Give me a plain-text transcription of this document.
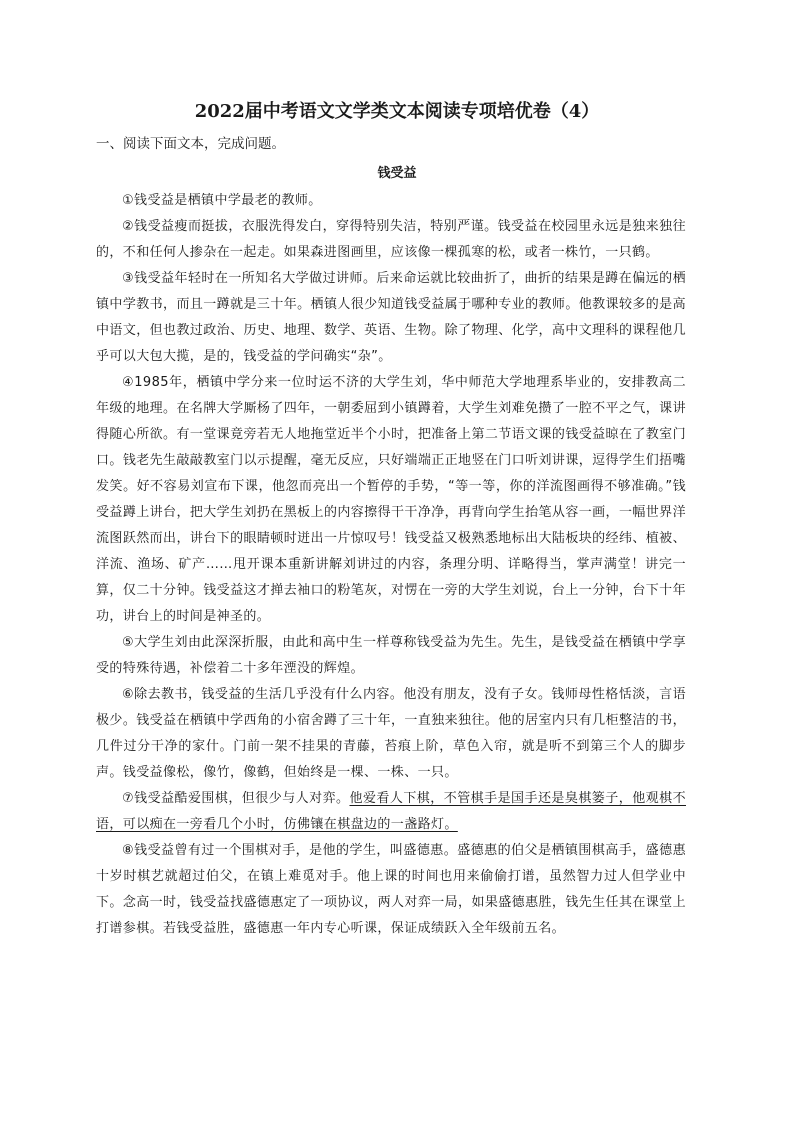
2022届中考语文文学类文本阅读专项培优卷（4）
一、阅读下面文本，完成问题。
钱受益

①钱受益是栖镇中学最老的教师。

②钱受益瘦而挺拔，衣服洗得发白，穿得特别失洁，特别严谨。钱受益在校园里永远是独来独往的，不和任何人掺杂在一起走。如果森进图画里，应该像一棵孤寒的松，或者一株竹，一只鹤。

③钱受益年轻时在一所知名大学做过讲师。后来命运就比较曲折了，曲折的结果是蹲在偏远的栖镇中学教书，而且一蹲就是三十年。栖镇人很少知道钱受益属于哪种专业的教师。他教课较多的是高中语文，但也教过政治、历史、地理、数学、英语、生物。除了物理、化学，高中文理科的课程他几乎可以大包大揽，是的，钱受益的学问确实“杂”。

④1985年，栖镇中学分来一位时运不济的大学生刘，华中师范大学地理系毕业的，安排教高二年级的地理。在名牌大学厮杨了四年，一朝委屈到小镇蹲着，大学生刘难免攒了一腔不平之气，课讲得随心所欲。有一堂课竟旁若无人地拖堂近半个小时，把准备上第二节语文课的钱受益晾在了教室门口。钱老先生敲敲教室门以示提醒，毫无反应，只好端端正正地竖在门口听刘讲课，逗得学生们捂嘴发笑。好不容易刘宣布下课，他忽而亮出一个暂停的手势，“等一等，你的洋流图画得不够准确。”钱受益蹲上讲台，把大学生刘扔在黑板上的内容擦得干干净净，再背向学生抬笔从容一画，一幅世界洋流图跃然而出，讲台下的眼睛顿时迸出一片惊叹号！钱受益又极熟悉地标出大陆板块的经纬、植被、洋流、渔场、矿产……甩开课本重新讲解刘讲过的内容，条理分明、详略得当，掌声满堂！讲完一算，仅二十分钟。钱受益这才掸去袖口的粉笔灰，对愣在一旁的大学生刘说，台上一分钟，台下十年功，讲台上的时间是神圣的。

⑤大学生刘由此深深折服，由此和高中生一样尊称钱受益为先生。先生，是钱受益在栖镇中学享受的特殊待遇，补偿着二十多年湮没的辉煌。

⑥除去教书，钱受益的生活几乎没有什么内容。他没有朋友，没有子女。钱师母性格恬淡，言语极少。钱受益在栖镇中学西角的小宿舍蹲了三十年，一直独来独往。他的居室内只有几柜整洁的书，几件过分干净的家什。门前一架不挂果的青藤，苔痕上阶，草色入帘，就是听不到第三个人的脚步声。钱受益像松，像竹，像鹤，但始终是一棵、一株、一只。

⑦钱受益酷爱围棋，但很少与人对弈。他爱看人下棋，不管棋手是国手还是臭棋篓子，他观棋不语，可以痴在一旁看几个小时，仿佛镶在棋盘边的一盏路灯。

⑧钱受益曾有过一个围棋对手，是他的学生，叫盛德惠。盛德惠的伯父是栖镇围棋高手，盛德惠十岁时棋艺就超过伯父，在镇上难觅对手。他上课的时间也用来偷偷打谱，虽然智力过人但学业中下。念高一时，钱受益找盛德惠定了一项协议，两人对弈一局，如果盛德惠胜，钱先生任其在课堂上打谱参棋。若钱受益胜，盛德惠一年内专心听课，保证成绩跃入全年级前五名。
